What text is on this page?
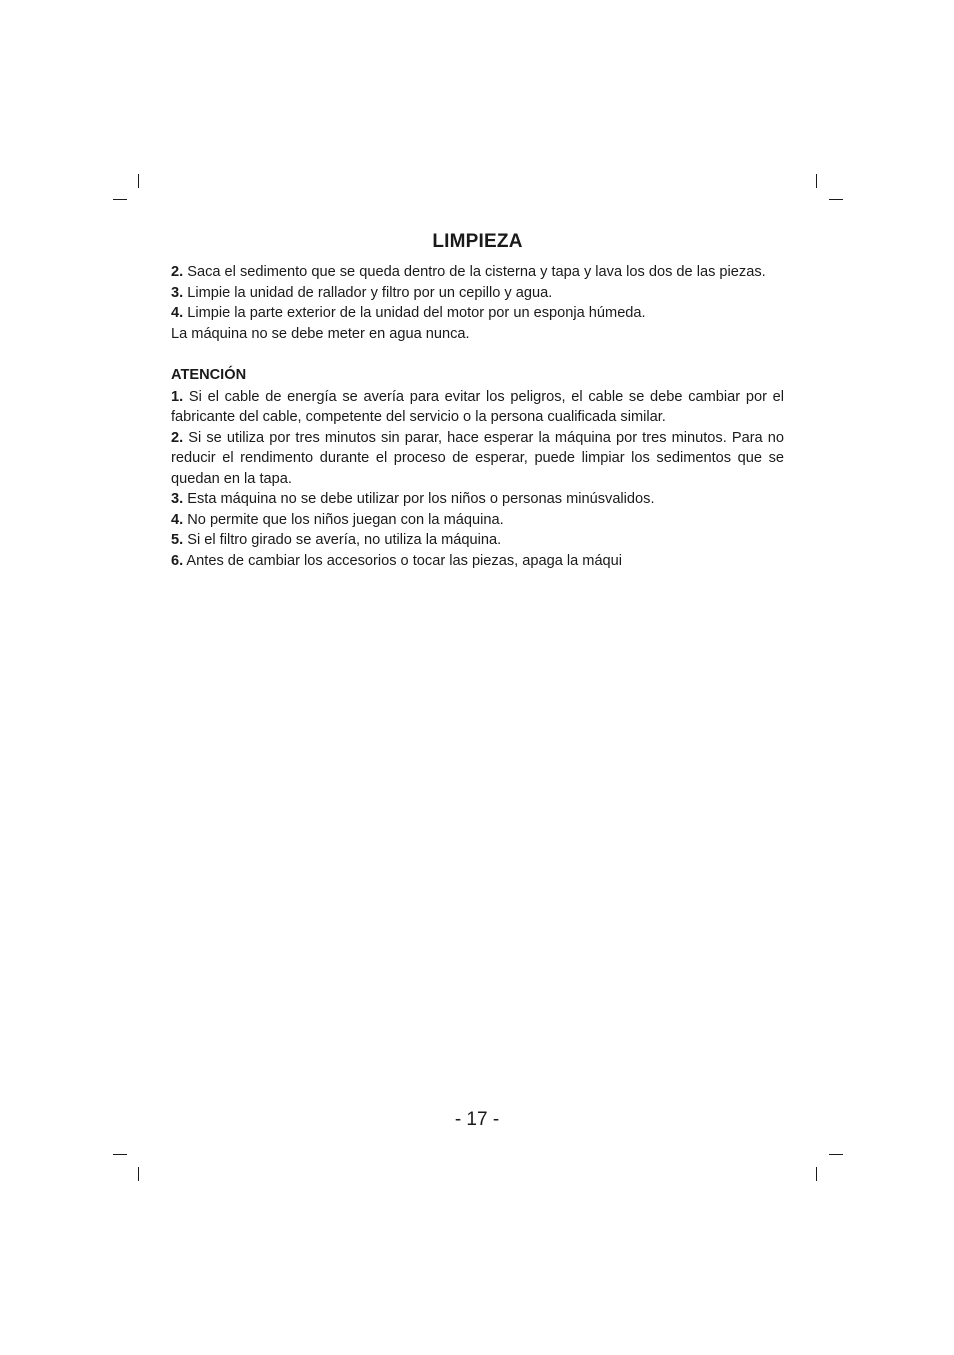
LIMPIEZA

2. Saca el sedimento que se queda dentro de la cisterna y tapa y lava los dos de las piezas.

3. Limpie la unidad de rallador y filtro por un cepillo y agua.

4. Limpie la parte exterior de la unidad del motor por un esponja húmeda.

La máquina no se debe meter en agua nunca.

ATENCIÓN

1. Si el cable de energía se avería para evitar los peligros, el cable se debe cambiar por el fabricante del cable, competente del servicio o la persona cualificada similar.

2. Si se utiliza por tres minutos sin parar, hace esperar la máquina por tres minutos. Para no reducir el rendimento durante el proceso de esperar, puede limpiar los sedimentos que se quedan en la tapa.

3. Esta máquina no se debe utilizar por los niños o personas minúsvalidos.

4. No permite que los niños juegan con la máquina.

5. Si el filtro girado se avería, no utiliza la máquina.

6. Antes de cambiar los accesorios o tocar las piezas, apaga la máqui

- 17 -
